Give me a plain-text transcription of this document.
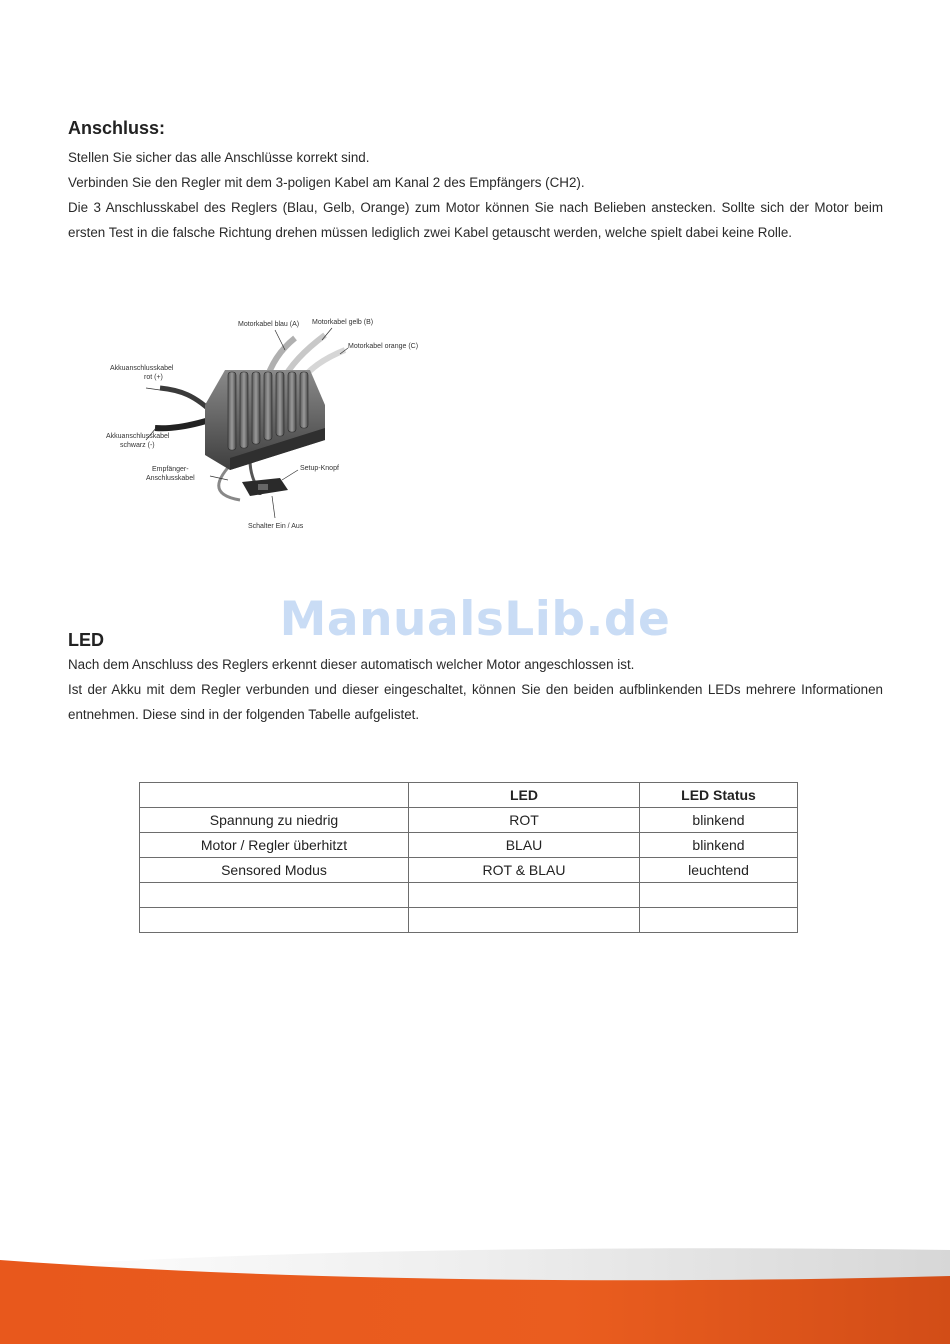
Anschluss:

Stellen Sie sicher das alle Anschlüsse korrekt sind.

Verbinden Sie den Regler mit dem 3-poligen Kabel am Kanal 2 des Empfängers (CH2).

Die 3 Anschlusskabel des Reglers (Blau, Gelb, Orange) zum Motor können Sie nach Belieben anstecken. Sollte sich der Motor beim ersten Test in die falsche Richtung drehen müssen lediglich zwei Kabel getauscht werden, welche spielt dabei keine Rolle.

Motorkabel blau (A) Motorkabel gelb (B)
Motorkabel orange (C)
Akkuanschlusskabel
rot (+)
Akkuanschlusskabel
schwarz (-)
Empfänger-
Anschlusskabel
Setup-Knopf
Schalter Ein / Aus
ManualsLib.de
LED

Nach dem Anschluss des Reglers erkennt dieser automatisch welcher Motor angeschlossen ist.

Ist der Akku mit dem Regler verbunden und dieser eingeschaltet, können Sie den beiden aufblinkenden LEDs mehrere Informationen entnehmen. Diese sind in der folgenden Tabelle aufgelistet.

	LED	LED Status
Spannung zu niedrig	ROT	blinkend
Motor / Regler überhitzt	BLAU	blinkend
Sensored Modus	ROT & BLAU	leuchtend
